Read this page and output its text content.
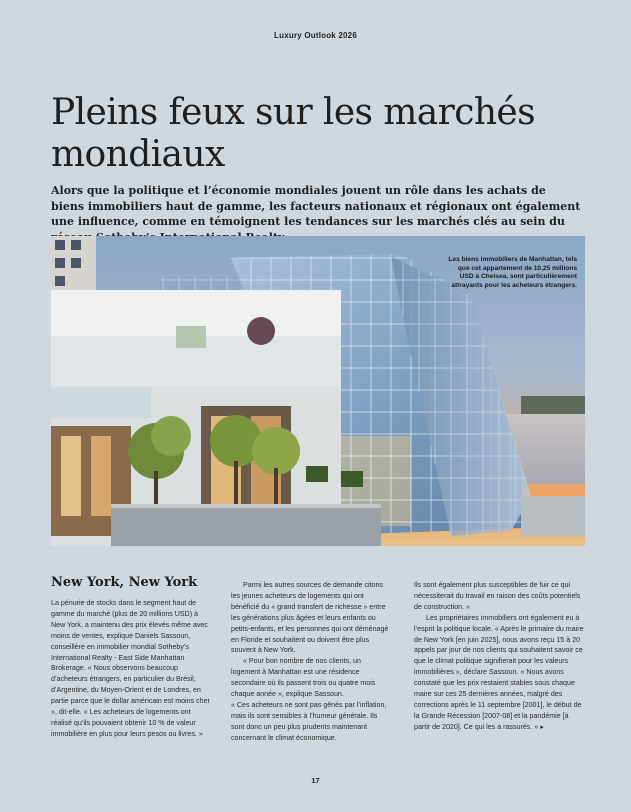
Luxury Outlook 2026
Pleins feux sur les marchés mondiaux
Alors que la politique et l’économie mondiales jouent un rôle dans les achats de biens immobiliers haut de gamme, les facteurs nationaux et régionaux ont également une influence, comme en témoignent les tendances sur les marchés clés au sein du
Les biens immobiliers de Manhattan, tels que cet appartement de 10,25 millions USD à Chelsea, sont particulièrement attrayants pour les acheteurs étrangers.
New York, New York

La pénurie de stocks dans le segment haut de gamme du marché (plus de 20 millions USD) à New York, a maintenu des prix élevés même avec moins de ventes, explique Daniels Sassoun, conseillère en immobilier mondial Sotheby’s International Realty - East Side Manhattan Brokerage. « Nous observons beaucoup d’acheteurs étrangers, en particulier du Brésil, d’Argentine, du Moyen-Orient et de Londres, en partie parce que le dollar américain est moins cher », dit-elle. « Les acheteurs de logements ont réalisé qu’ils pouvaient obtenir 10 % de valeur immobilière en plus pour leurs pesos ou livres. »

Parmi les autres sources de demande citons les jeunes acheteurs de logements qui ont bénéficié du « grand transfert de richesse » entre les générations plus âgées et leurs enfants ou petits-enfants, et les personnes qui ont déménagé en Floride et souhaitent ou doivent être plus souvent à New York.

« Pour bon nombre de nos clients, un logement à Manhattan est une résidence secondaire où ils passent trois ou quatre mois chaque année », explique Sassoun.

« Ces acheteurs ne sont pas gênés par l’inflation, mais ils sont sensibles à l’humeur générale. Ils sont donc un peu plus prudents maintenant concernant le climat économique.

Ils sont également plus susceptibles de fuir ce qui nécessiterait du travail en raison des coûts potentiels de construction. »

Les propriétaires immobiliers ont également eu à l’esprit la politique locale. « Après le primaire du maire de New York [en juin 2025], nous avons reçu 15 à 20 appels par jour de nos clients qui souhaitent savoir ce que le climat politique signifierait pour les valeurs immobilières », déclare Sassoun. « Nous avons constaté que les prix restaient stables sous chaque maire sur ces 25 dernières années, malgré des corrections après le 11 septembre [2001], le début de la Grande Récession [2007-08] et la pandémie [à partir de 2020]. Ce qui les a rassurés. » ▸

17
